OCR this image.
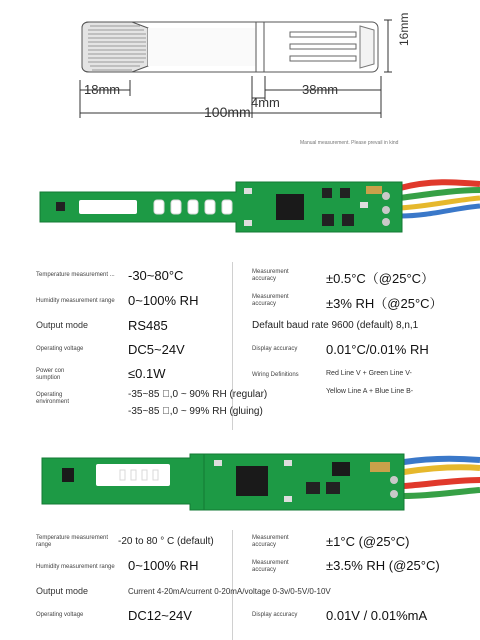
18mm	38mm
4mm
100mm
16mm
Manual measurement. Please prevail in kind
Temperature measurement ... -30~80°C	Measurement accuracy	±0.5°C（@25°C）
Humidity measurement range 0~100% RH	Measurement accuracy	±3% RH（@25°C）
Output mode	RS485	Default baud rate 9600 (default) 8,n,1
Operating voltage	DC5~24V	Display accuracy 0.01°C/0.01% RH
Power con sumption	≤0.1W	Wiring Definitions	Red Line V + Green Line V-
Yellow Line A + Blue Line B-
Operating environment
-35~85 ￿,0 ~ 90% RH (regular)
-35~85 ￿,0 ~ 99% RH (gluing)
Temperature measurement range	-20 to 80 ° C (default)	Measurement accuracy	±1°C (@25°C)
Humidity measurement range 0~100% RH	Measurement accuracy	±3.5% RH (@25°C)
Output mode	Current 4-20mA/current 0-20mA/voltage 0-3v/0-5V/0-10V
Operating voltage	DC12~24V	Display accuracy 0.01V / 0.01%mA
